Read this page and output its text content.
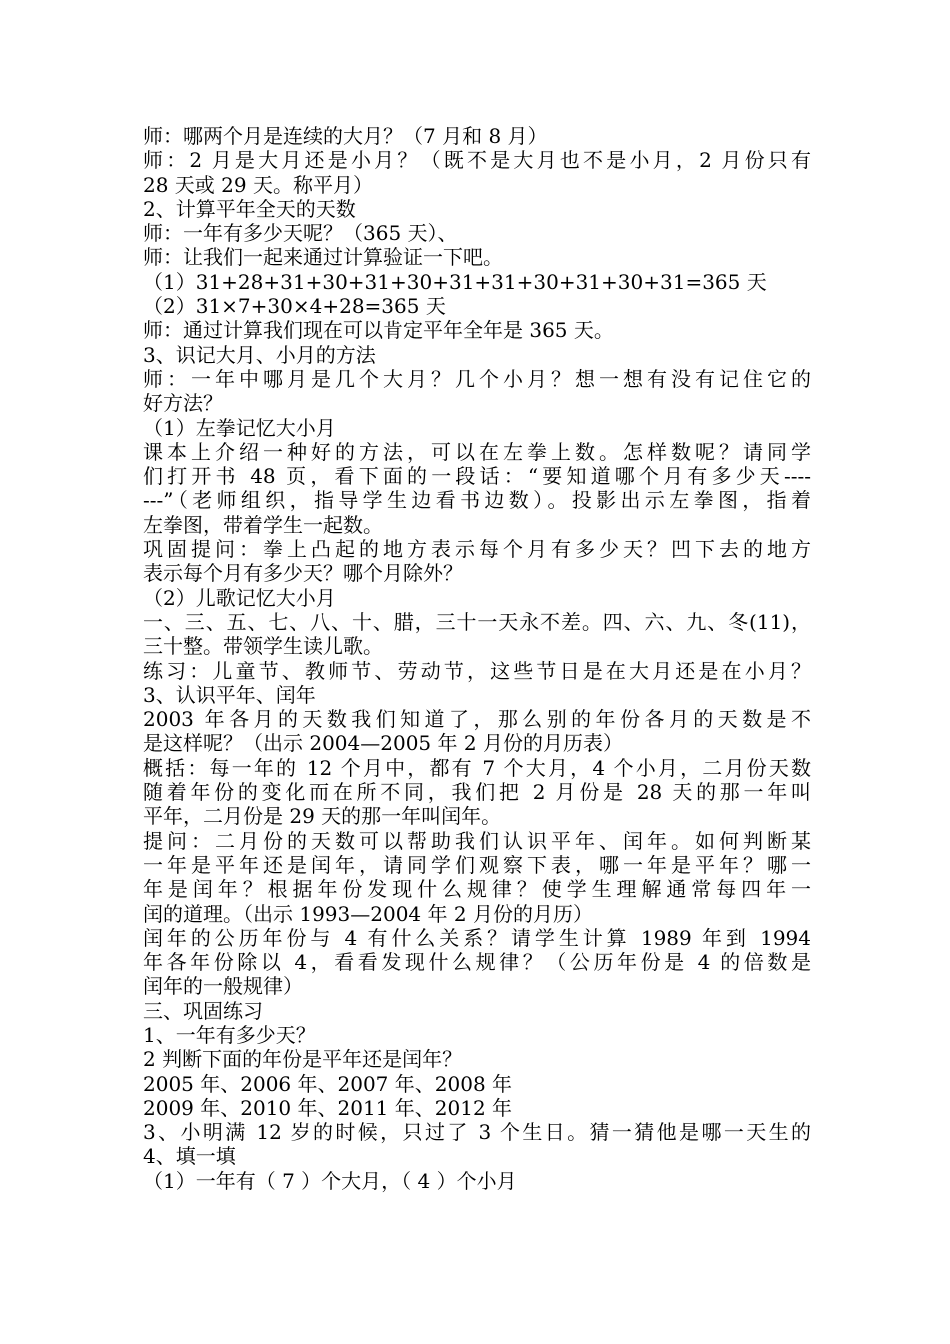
师：哪两个月是连续的大月？（7 月和 8 月）
师：2 月是大月还是小月？（既不是大月也不是小月，2 月份只有
28 天或 29 天。称平月）
2、计算平年全天的天数
师：一年有多少天呢？（365 天）、
师：让我们一起来通过计算验证一下吧。
（1）31+28+31+30+31+30+31+31+30+31+30+31=365 天
（2）31×7+30×4+28=365 天
师：通过计算我们现在可以肯定平年全年是 365 天。
3、识记大月、小月的方法
师：一年中哪月是几个大月？几个小月？想一想有没有记住它的
好方法？
（1）左拳记忆大小月
课本上介绍一种好的方法，可以在左拳上数。怎样数呢？请同学
们打开书 48 页，看下面的一段话：“要知道哪个月有多少天----
---”（老师组织，指导学生边看书边数）。投影出示左拳图，指着
左拳图，带着学生一起数。
巩固提问：拳上凸起的地方表示每个月有多少天？凹下去的地方
表示每个月有多少天？哪个月除外？
（2）儿歌记忆大小月
一、三、五、七、八、十、腊，三十一天永不差。四、六、九、冬(11)，
三十整。带领学生读儿歌。
练习：儿童节、教师节、劳动节，这些节日是在大月还是在小月？
3、认识平年、闰年
2003 年各月的天数我们知道了，那么别的年份各月的天数是不
是这样呢？（出示 2004—2005 年 2 月份的月历表）
概括：每一年的 12 个月中，都有 7 个大月，4 个小月，二月份天数
随着年份的变化而在所不同，我们把 2 月份是 28 天的那一年叫
平年，二月份是 29 天的那一年叫闰年。
提问：二月份的天数可以帮助我们认识平年、闰年。如何判断某
一年是平年还是闰年，请同学们观察下表，哪一年是平年？哪一
年是闰年？根据年份发现什么规律？使学生理解通常每四年一
闰的道理。（出示 1993—2004 年 2 月份的月历）
闰年的公历年份与 4 有什么关系？请学生计算 1989 年到 1994
年各年份除以 4，看看发现什么规律？（公历年份是 4 的倍数是
闰年的一般规律）
三、巩固练习
1、一年有多少天？
2 判断下面的年份是平年还是闰年？
2005 年、2006 年、2007 年、2008 年
2009 年、2010 年、2011 年、2012 年
3、小明满 12 岁的时候，只过了 3 个生日。猜一猜他是哪一天生的
4、填一填
（1）一年有（ 7 ）个大月，（ 4 ）个小月
